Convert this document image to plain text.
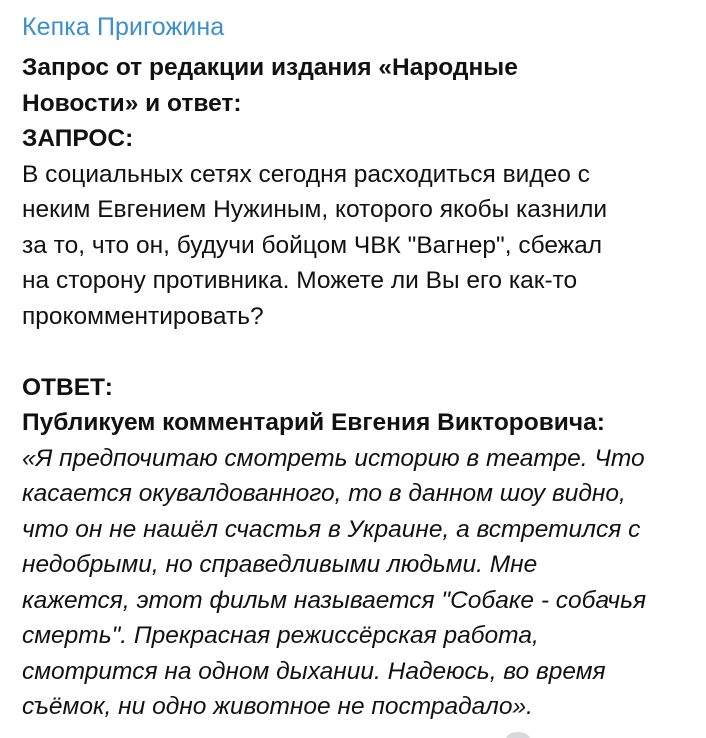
Кепка Пригожина
Запрос от редакции издания «Народные
Новости» и ответ:
ЗАПРОС:
В социальных сетях сегодня расходиться видео с
неким Евгением Нужиным, которого якобы казнили
за то, что он, будучи бойцом ЧВК "Вагнер", сбежал
на сторону противника. Можете ли Вы его как-то
прокомментировать?
ОТВЕТ:
Публикуем комментарий Евгения Викторовича:
«Я предпочитаю смотреть историю в театре. Что
касается окувалдованного, то в данном шоу видно,
что он не нашёл счастья в Украине, а встретился с
недобрыми, но справедливыми людьми. Мне
кажется, этот фильм называется "Собаке - собачья
смерть". Прекрасная режиссёрская работа,
смотрится на одном дыхании. Надеюсь, во время
съёмок, ни одно животное не пострадало».
